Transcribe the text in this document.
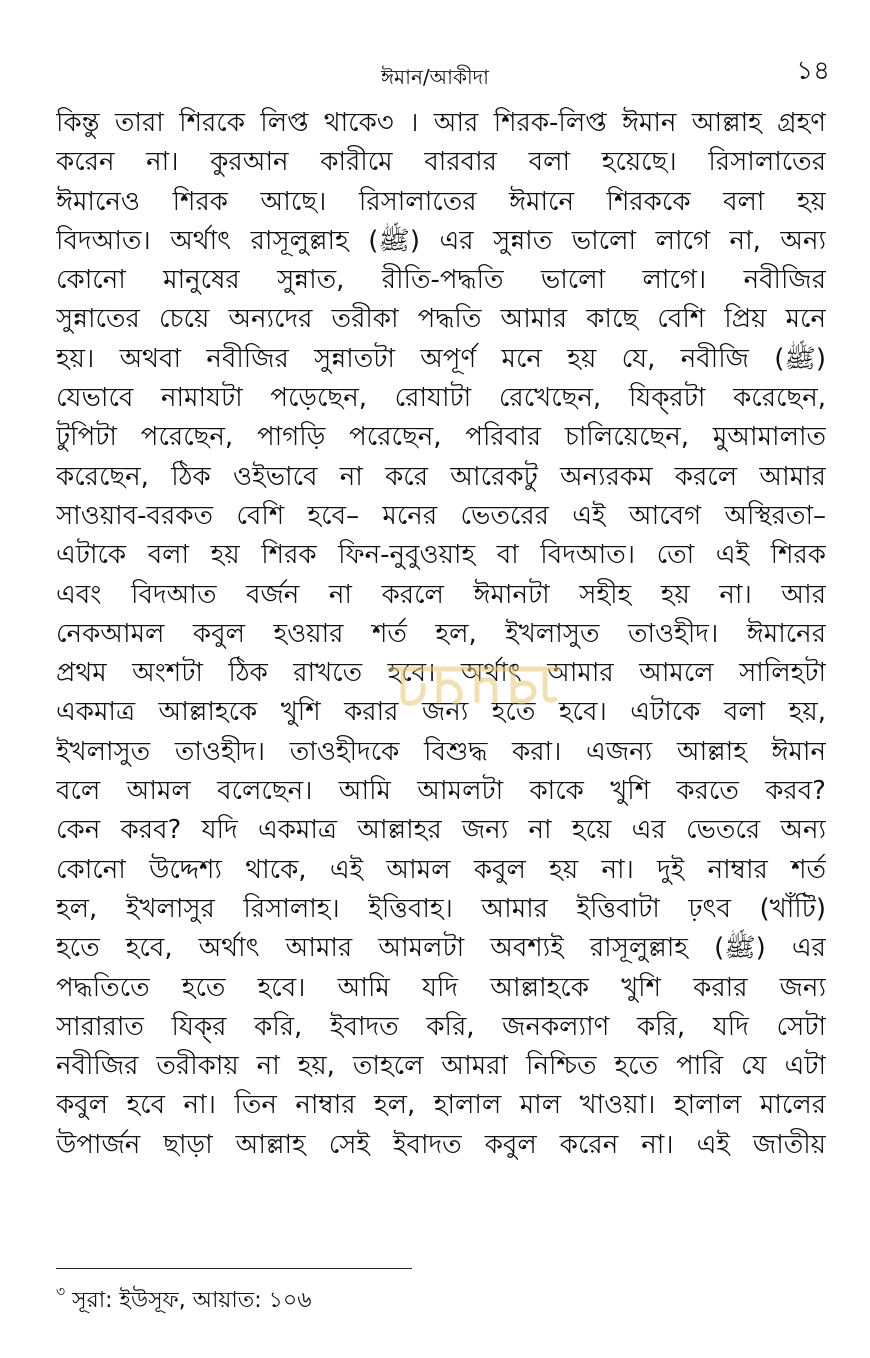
ঈমান/আকীদা	১৪
কিন্তু তারা শিরকে লিপ্ত থাকে৩ । আর শিরক-লিপ্ত ঈমান আল্লাহ গ্রহণ
করেন না। কুরআন কারীমে বারবার বলা হয়েছে। রিসালাতের
ঈমানেও শিরক আছে। রিসালাতের ঈমানে শিরককে বলা হয়
বিদআত। অর্থাৎ রাসূলুল্লাহ (ﷺ) এর সুন্নাত ভালো লাগে না, অন্য
কোনো মানুষের সুন্নাত, রীতি-পদ্ধতি ভালো লাগে। নবীজির
সুন্নাতের চেয়ে অন্যদের তরীকা পদ্ধতি আমার কাছে বেশি প্রিয় মনে
হয়। অথবা নবীজির সুন্নাতটা অপূর্ণ মনে হয় যে, নবীজি (ﷺ)
যেভাবে নামাযটা পড়েছেন, রোযাটা রেখেছেন, যিক্‌রটা করেছেন,
টুপিটা পরেছেন, পাগড়ি পরেছেন, পরিবার চালিয়েছেন, মুআমালাত
করেছেন, ঠিক ওইভাবে না করে আরেকটু অন্যরকম করলে আমার
সাওয়াব-বরকত বেশি হবে– মনের ভেতরের এই আবেগ অস্থিরতা–
এটাকে বলা হয় শিরক ফিন-নুবুওয়াহ বা বিদআত। তো এই শিরক
এবং বিদআত বর্জন না করলে ঈমানটা সহীহ হয় না। আর
নেকআমল কবুল হওয়ার শর্ত হল, ইখলাসুত তাওহীদ। ঈমানের
প্রথম অংশটা ঠিক রাখতে হবে। অর্থাৎ আমার আমলে সালিহটা
একমাত্র আল্লাহকে খুশি করার জন্য হতে হবে। এটাকে বলা হয়,
ইখলাসুত তাওহীদ। তাওহীদকে বিশুদ্ধ করা। এজন্য আল্লাহ ঈমান
বলে আমল বলেছেন। আমি আমলটা কাকে খুশি করতে করব?
কেন করব? যদি একমাত্র আল্লাহর জন্য না হয়ে এর ভেতরে অন্য
কোনো উদ্দেশ্য থাকে, এই আমল কবুল হয় না। দুই নাম্বার শর্ত
হল, ইখলাসুর রিসালাহ। ইত্তিবাহ। আমার ইত্তিবাটা ঢ়ৎব (খাঁটি)
হতে হবে, অর্থাৎ আমার আমলটা অবশ্যই রাসূলুল্লাহ (ﷺ) এর
পদ্ধতিতে হতে হবে। আমি যদি আল্লাহকে খুশি করার জন্য
সারারাত যিক্‌র করি, ইবাদত করি, জনকল্যাণ করি, যদি সেটা
নবীজির তরীকায় না হয়, তাহলে আমরা নিশ্চিত হতে পারি যে এটা
কবুল হবে না। তিন নাম্বার হল, হালাল মাল খাওয়া। হালাল মালের
উপার্জন ছাড়া আল্লাহ সেই ইবাদত কবুল করেন না। এই জাতীয়
$^৩$ সূরা: ইউসূফ, আয়াত: ১০৬
